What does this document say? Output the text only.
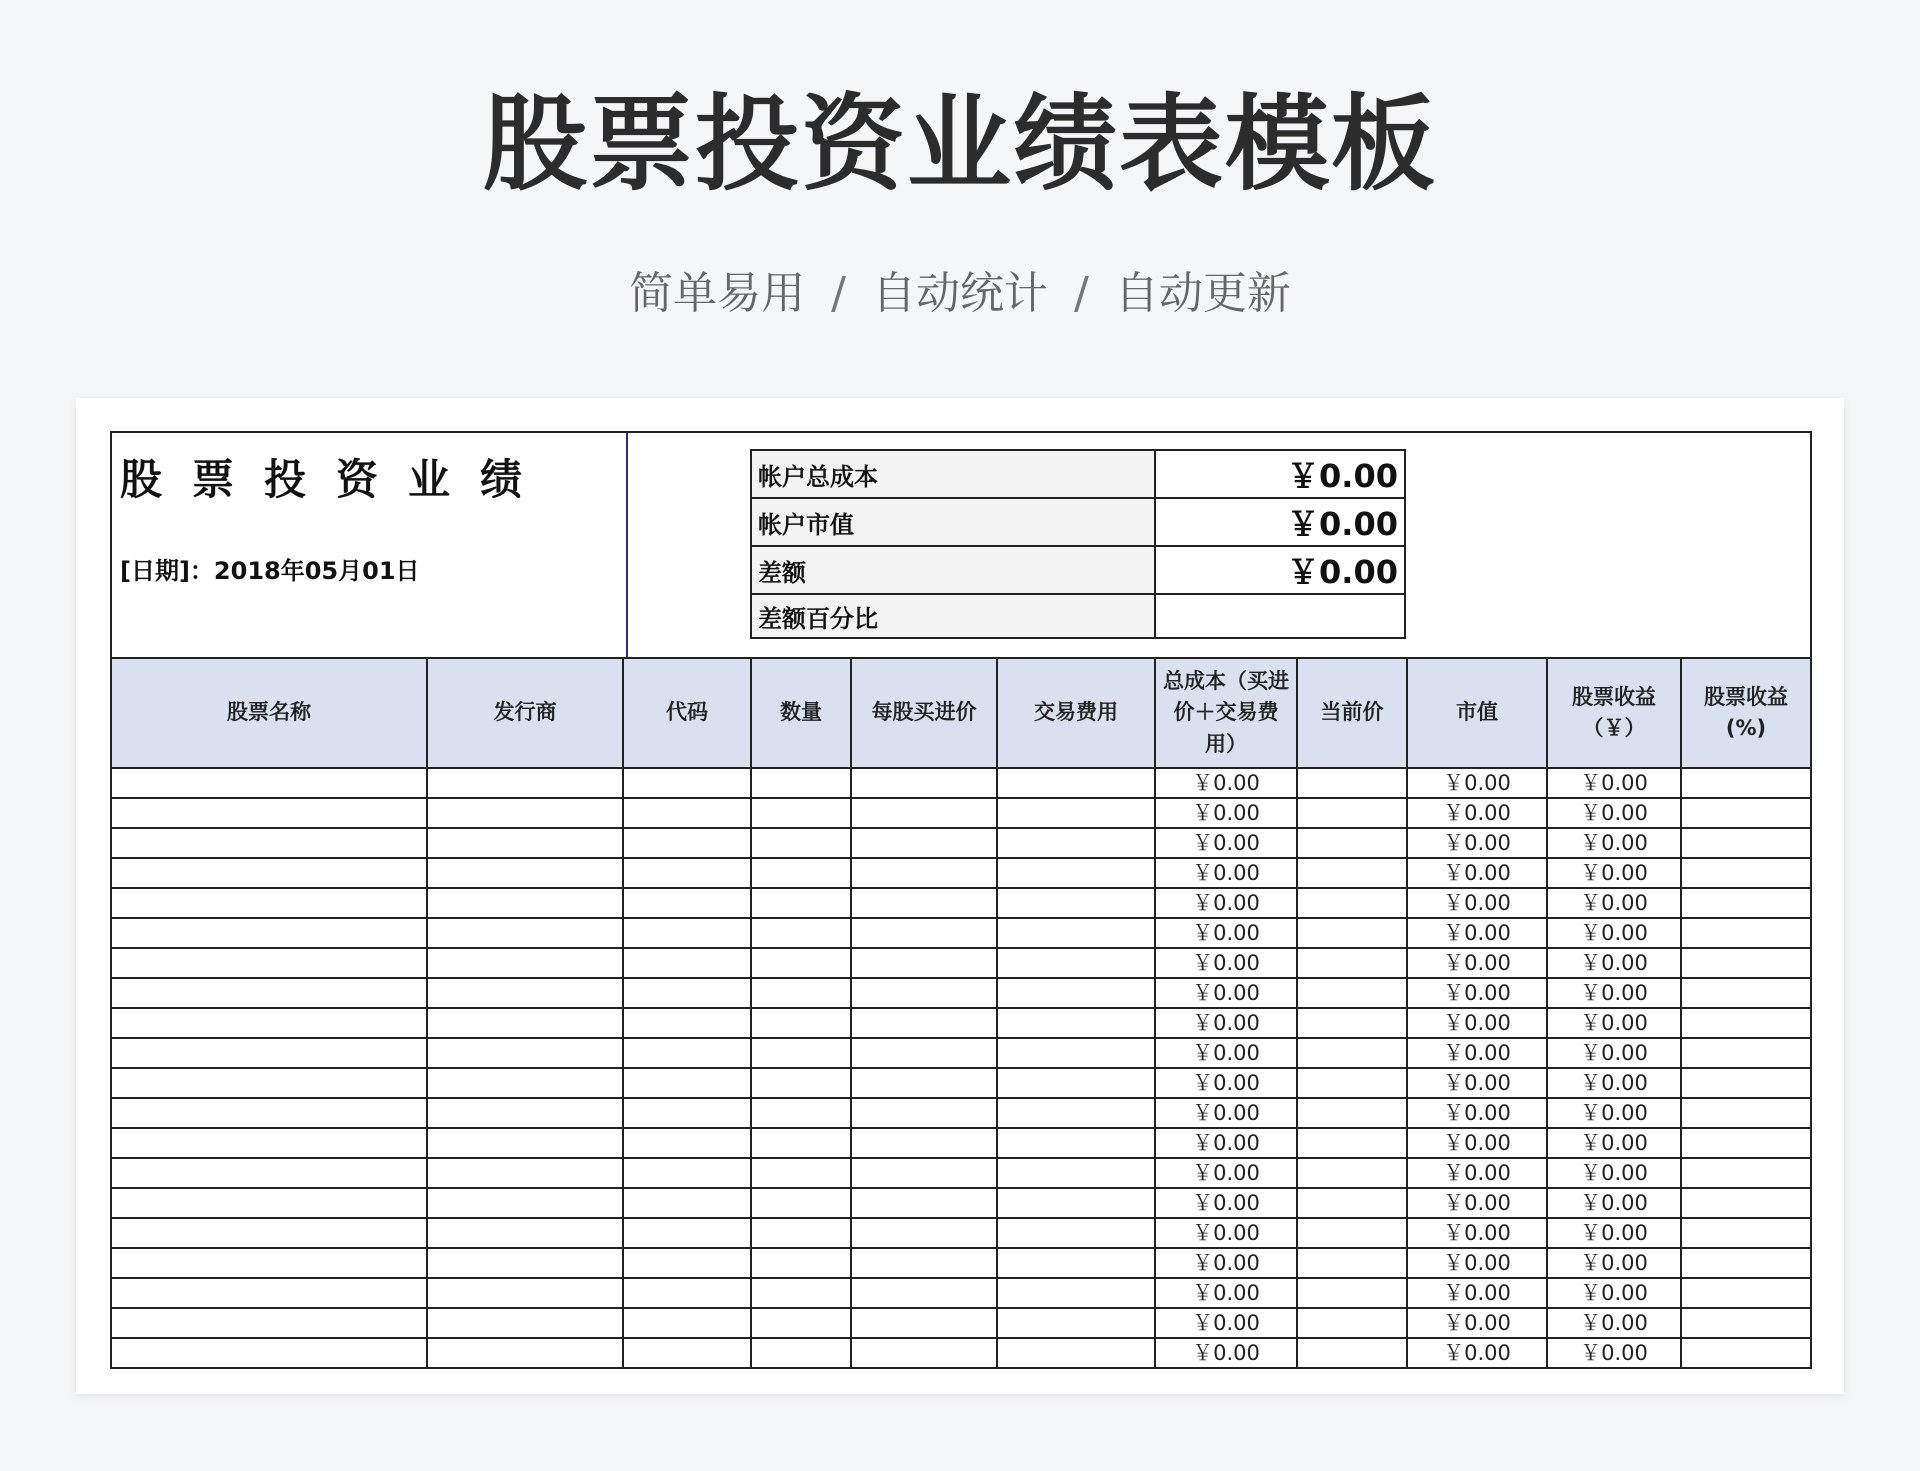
股票投资业绩表模板
简单易用 / 自动统计 / 自动更新
股票投资业绩
[日期]：2018年05月01日
帐户总成本	￥0.00
帐户市值	￥0.00
差额	￥0.00
差额百分比	
股票名称	发行商	代码	数量	每股买进价	交易费用	总成本（买进价＋交易费用）	当前价	市值	股票收益（￥）	股票收益(%)
						￥0.00		￥0.00	￥0.00	
						￥0.00		￥0.00	￥0.00	
						￥0.00		￥0.00	￥0.00	
						￥0.00		￥0.00	￥0.00	
						￥0.00		￥0.00	￥0.00	
						￥0.00		￥0.00	￥0.00	
						￥0.00		￥0.00	￥0.00	
						￥0.00		￥0.00	￥0.00	
						￥0.00		￥0.00	￥0.00	
						￥0.00		￥0.00	￥0.00	
						￥0.00		￥0.00	￥0.00	
						￥0.00		￥0.00	￥0.00	
						￥0.00		￥0.00	￥0.00	
						￥0.00		￥0.00	￥0.00	
						￥0.00		￥0.00	￥0.00	
						￥0.00		￥0.00	￥0.00	
						￥0.00		￥0.00	￥0.00	
						￥0.00		￥0.00	￥0.00	
						￥0.00		￥0.00	￥0.00	
						￥0.00		￥0.00	￥0.00	
